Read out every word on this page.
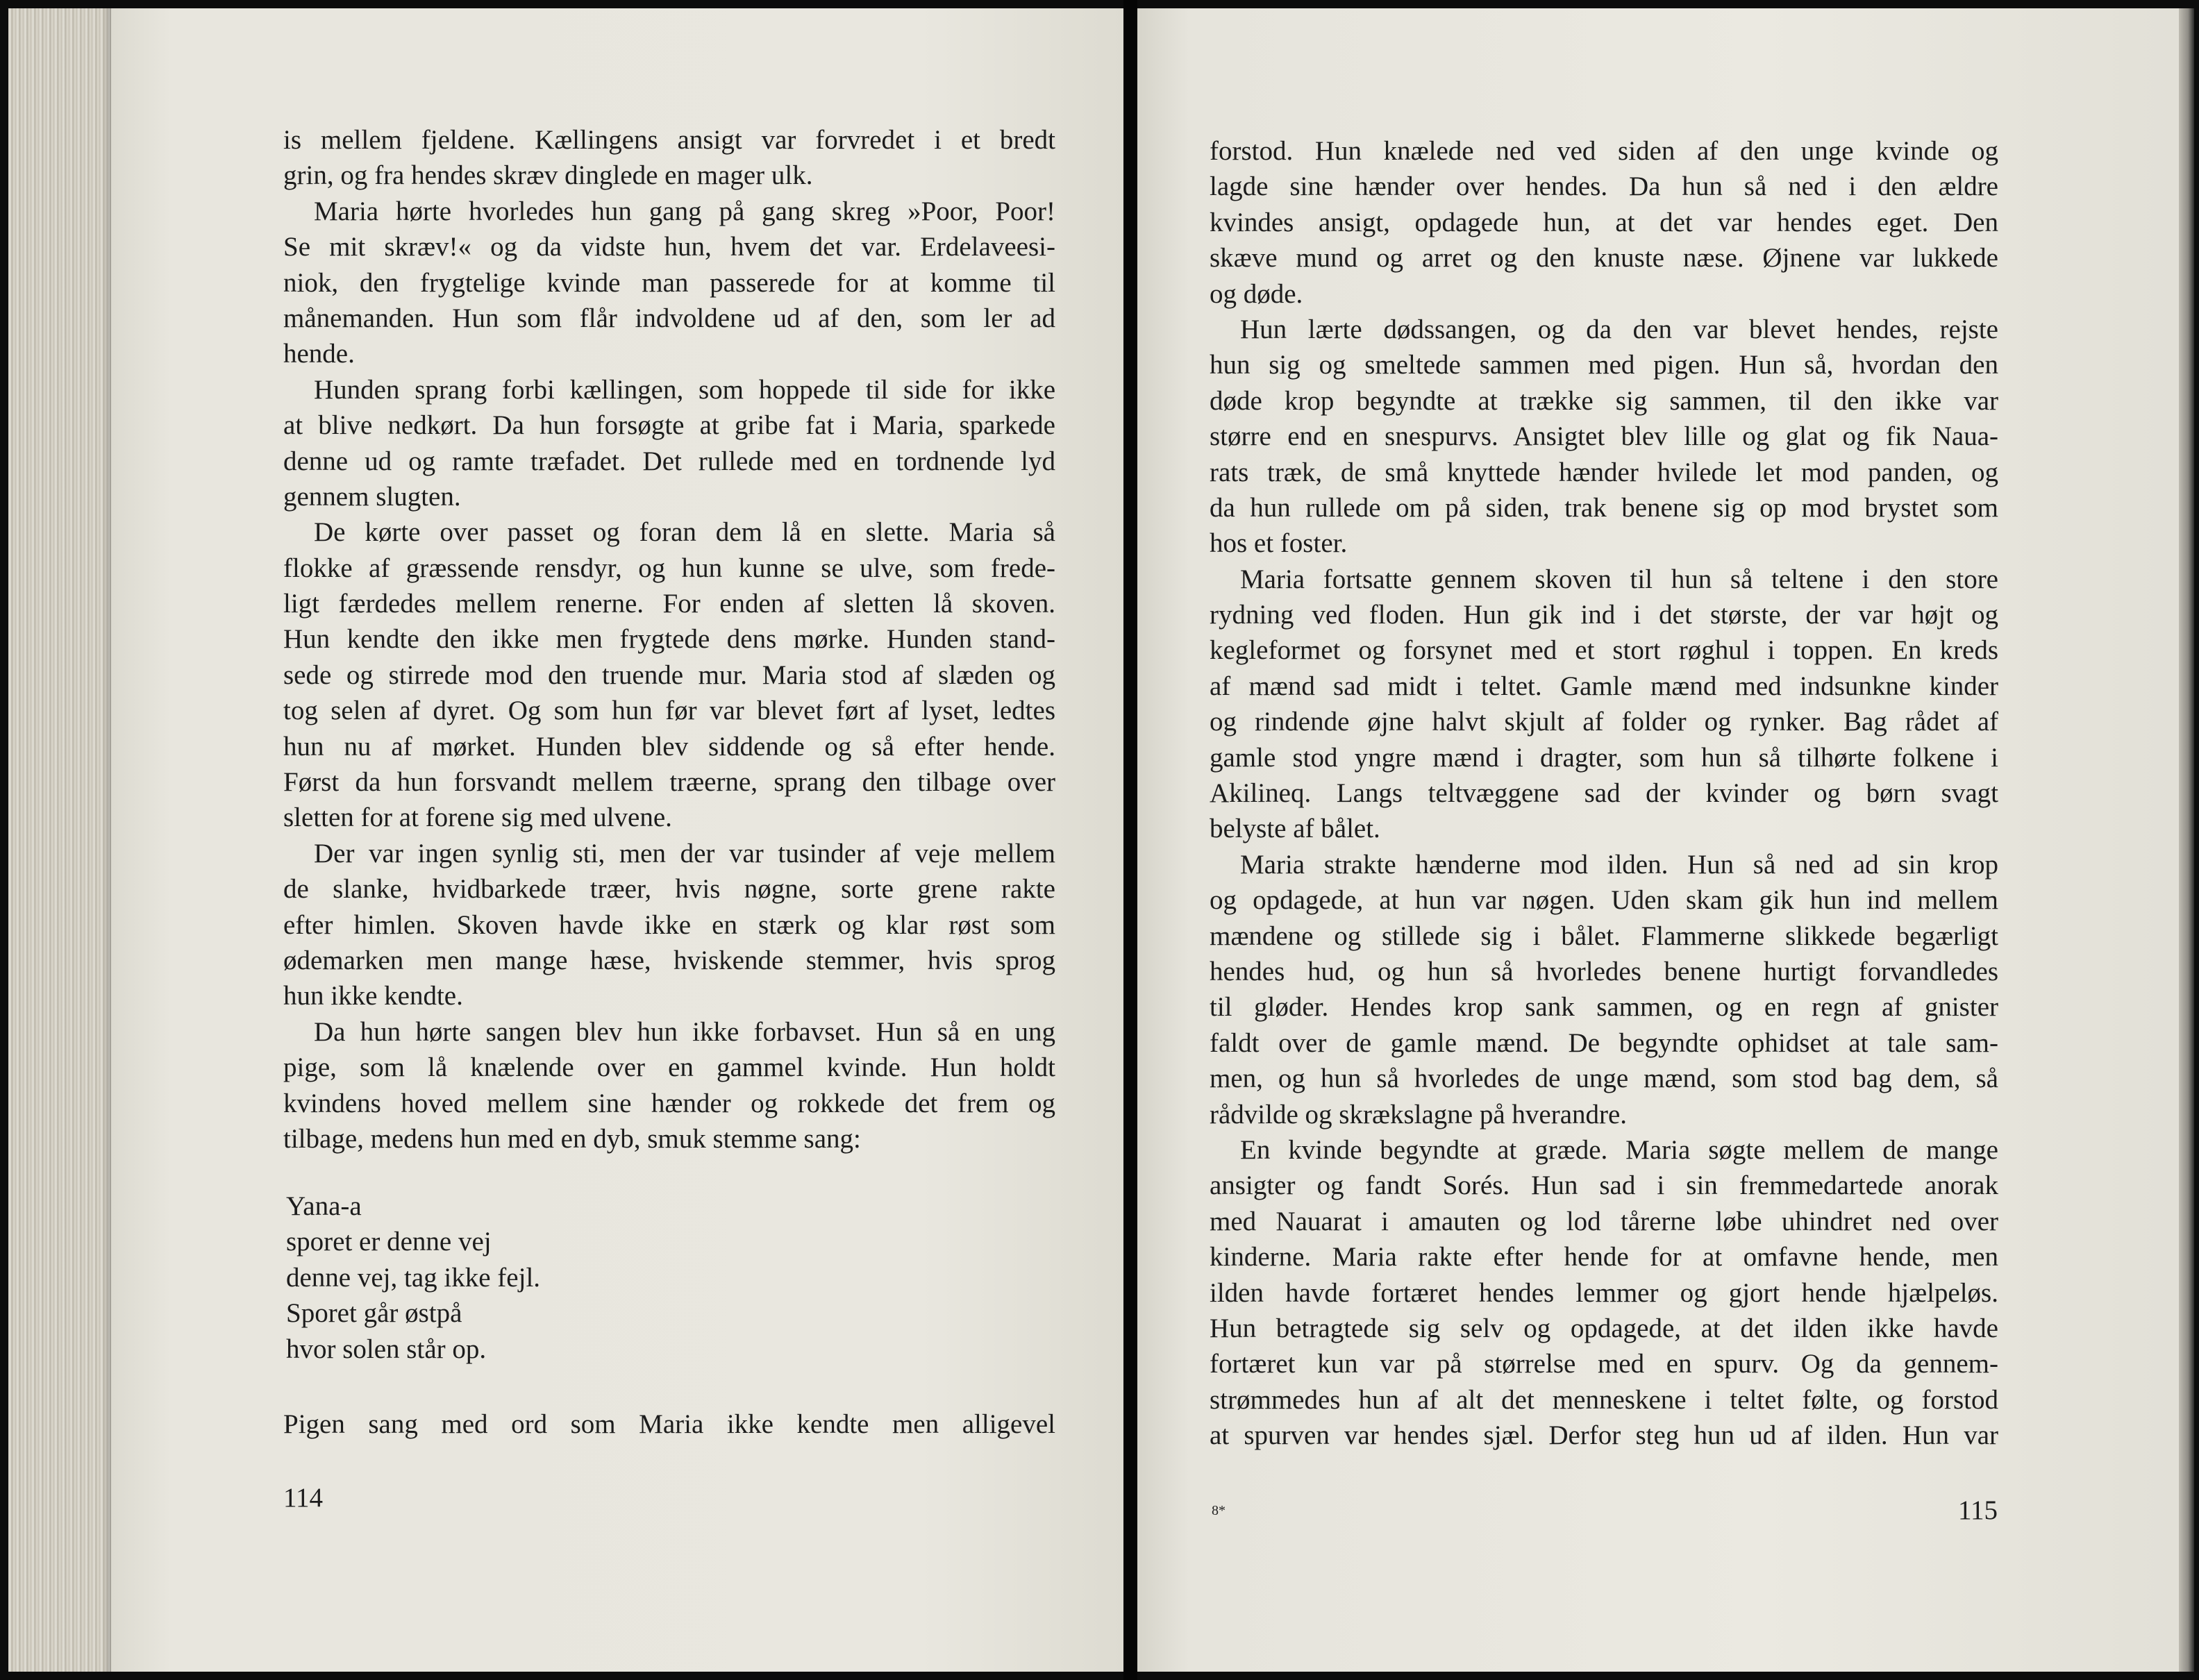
is mellem fjeldene. Kællingens ansigt var forvredet i et bredt
grin, og fra hendes skræv dinglede en mager ulk.
Maria hørte hvorledes hun gang på gang skreg »Poor, Poor!
Se mit skræv!« og da vidste hun, hvem det var. Erdelaveesi-
niok, den frygtelige kvinde man passerede for at komme til
månemanden. Hun som flår indvoldene ud af den, som ler ad
hende.
Hunden sprang forbi kællingen, som hoppede til side for ikke
at blive nedkørt. Da hun forsøgte at gribe fat i Maria, sparkede
denne ud og ramte træfadet. Det rullede med en tordnende lyd
gennem slugten.
De kørte over passet og foran dem lå en slette. Maria så
flokke af græssende rensdyr, og hun kunne se ulve, som frede-
ligt færdedes mellem renerne. For enden af sletten lå skoven.
Hun kendte den ikke men frygtede dens mørke. Hunden stand-
sede og stirrede mod den truende mur. Maria stod af slæden og
tog selen af dyret. Og som hun før var blevet ført af lyset, ledtes
hun nu af mørket. Hunden blev siddende og så efter hende.
Først da hun forsvandt mellem træerne, sprang den tilbage over
sletten for at forene sig med ulvene.
Der var ingen synlig sti, men der var tusinder af veje mellem
de slanke, hvidbarkede træer, hvis nøgne, sorte grene rakte
efter himlen. Skoven havde ikke en stærk og klar røst som
ødemarken men mange hæse, hviskende stemmer, hvis sprog
hun ikke kendte.
Da hun hørte sangen blev hun ikke forbavset. Hun så en ung
pige, som lå knælende over en gammel kvinde. Hun holdt
kvindens hoved mellem sine hænder og rokkede det frem og
tilbage, medens hun med en dyb, smuk stemme sang:
Yana-a
sporet er denne vej
denne vej, tag ikke fejl.
Sporet går østpå
hvor solen står op.
Pigen sang med ord som Maria ikke kendte men alligevel
114
forstod. Hun knælede ned ved siden af den unge kvinde og
lagde sine hænder over hendes. Da hun så ned i den ældre
kvindes ansigt, opdagede hun, at det var hendes eget. Den
skæve mund og arret og den knuste næse. Øjnene var lukkede
og døde.
Hun lærte dødssangen, og da den var blevet hendes, rejste
hun sig og smeltede sammen med pigen. Hun så, hvordan den
døde krop begyndte at trække sig sammen, til den ikke var
større end en snespurvs. Ansigtet blev lille og glat og fik Naua-
rats træk, de små knyttede hænder hvilede let mod panden, og
da hun rullede om på siden, trak benene sig op mod brystet som
hos et foster.
Maria fortsatte gennem skoven til hun så teltene i den store
rydning ved floden. Hun gik ind i det største, der var højt og
kegleformet og forsynet med et stort røghul i toppen. En kreds
af mænd sad midt i teltet. Gamle mænd med indsunkne kinder
og rindende øjne halvt skjult af folder og rynker. Bag rådet af
gamle stod yngre mænd i dragter, som hun så tilhørte folkene i
Akilineq. Langs teltvæggene sad der kvinder og børn svagt
belyste af bålet.
Maria strakte hænderne mod ilden. Hun så ned ad sin krop
og opdagede, at hun var nøgen. Uden skam gik hun ind mellem
mændene og stillede sig i bålet. Flammerne slikkede begærligt
hendes hud, og hun så hvorledes benene hurtigt forvandledes
til gløder. Hendes krop sank sammen, og en regn af gnister
faldt over de gamle mænd. De begyndte ophidset at tale sam-
men, og hun så hvorledes de unge mænd, som stod bag dem, så
rådvilde og skrækslagne på hverandre.
En kvinde begyndte at græde. Maria søgte mellem de mange
ansigter og fandt Sorés. Hun sad i sin fremmedartede anorak
med Nauarat i amauten og lod tårerne løbe uhindret ned over
kinderne. Maria rakte efter hende for at omfavne hende, men
ilden havde fortæret hendes lemmer og gjort hende hjælpeløs.
Hun betragtede sig selv og opdagede, at det ilden ikke havde
fortæret kun var på størrelse med en spurv. Og da gennem-
strømmedes hun af alt det menneskene i teltet følte, og forstod
at spurven var hendes sjæl. Derfor steg hun ud af ilden. Hun var
8*	115
